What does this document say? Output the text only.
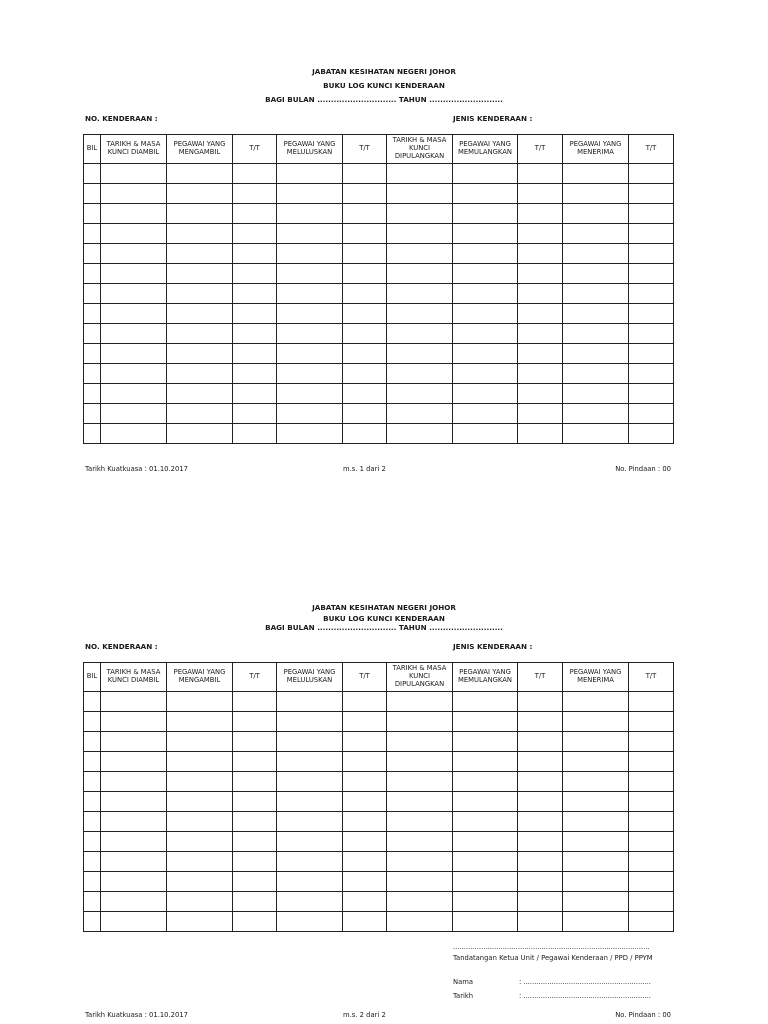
JABATAN KESIHATAN NEGERI JOHOR
BUKU LOG KUNCI KENDERAAN
BAGI BULAN ............................. TAHUN ...........................
NO. KENDERAAN :	JENIS KENDERAAN :
BIL	TARIKH & MASA KUNCI DIAMBIL	PEGAWAI YANG MENGAMBIL	T/T	PEGAWAI YANG MELULUSKAN	T/T	TARIKH & MASA KUNCI DIPULANGKAN	PEGAWAI YANG MEMULANGKAN	T/T	PEGAWAI YANG MENERIMA	T/T

Tarikh Kuatkuasa : 01.10.2017	m.s. 1 dari 2	No. Pindaan : 00
JABATAN KESIHATAN NEGERI JOHOR
BUKU LOG KUNCI KENDERAAN
BAGI BULAN ............................. TAHUN ...........................
NO. KENDERAAN :	JENIS KENDERAAN :
BIL	TARIKH & MASA KUNCI DIAMBIL	PEGAWAI YANG MENGAMBIL	T/T	PEGAWAI YANG MELULUSKAN	T/T	TARIKH & MASA KUNCI DIPULANGKAN	PEGAWAI YANG MEMULANGKAN	T/T	PEGAWAI YANG MENERIMA	T/T

...........................................................................................
Tandatangan Ketua Unit / Pegawai Kenderaan / PPD / PPYM
Nama	: ...........................................................
Tarikh	: ...........................................................
Tarikh Kuatkuasa : 01.10.2017	m.s. 2 dari 2	No. Pindaan : 00
